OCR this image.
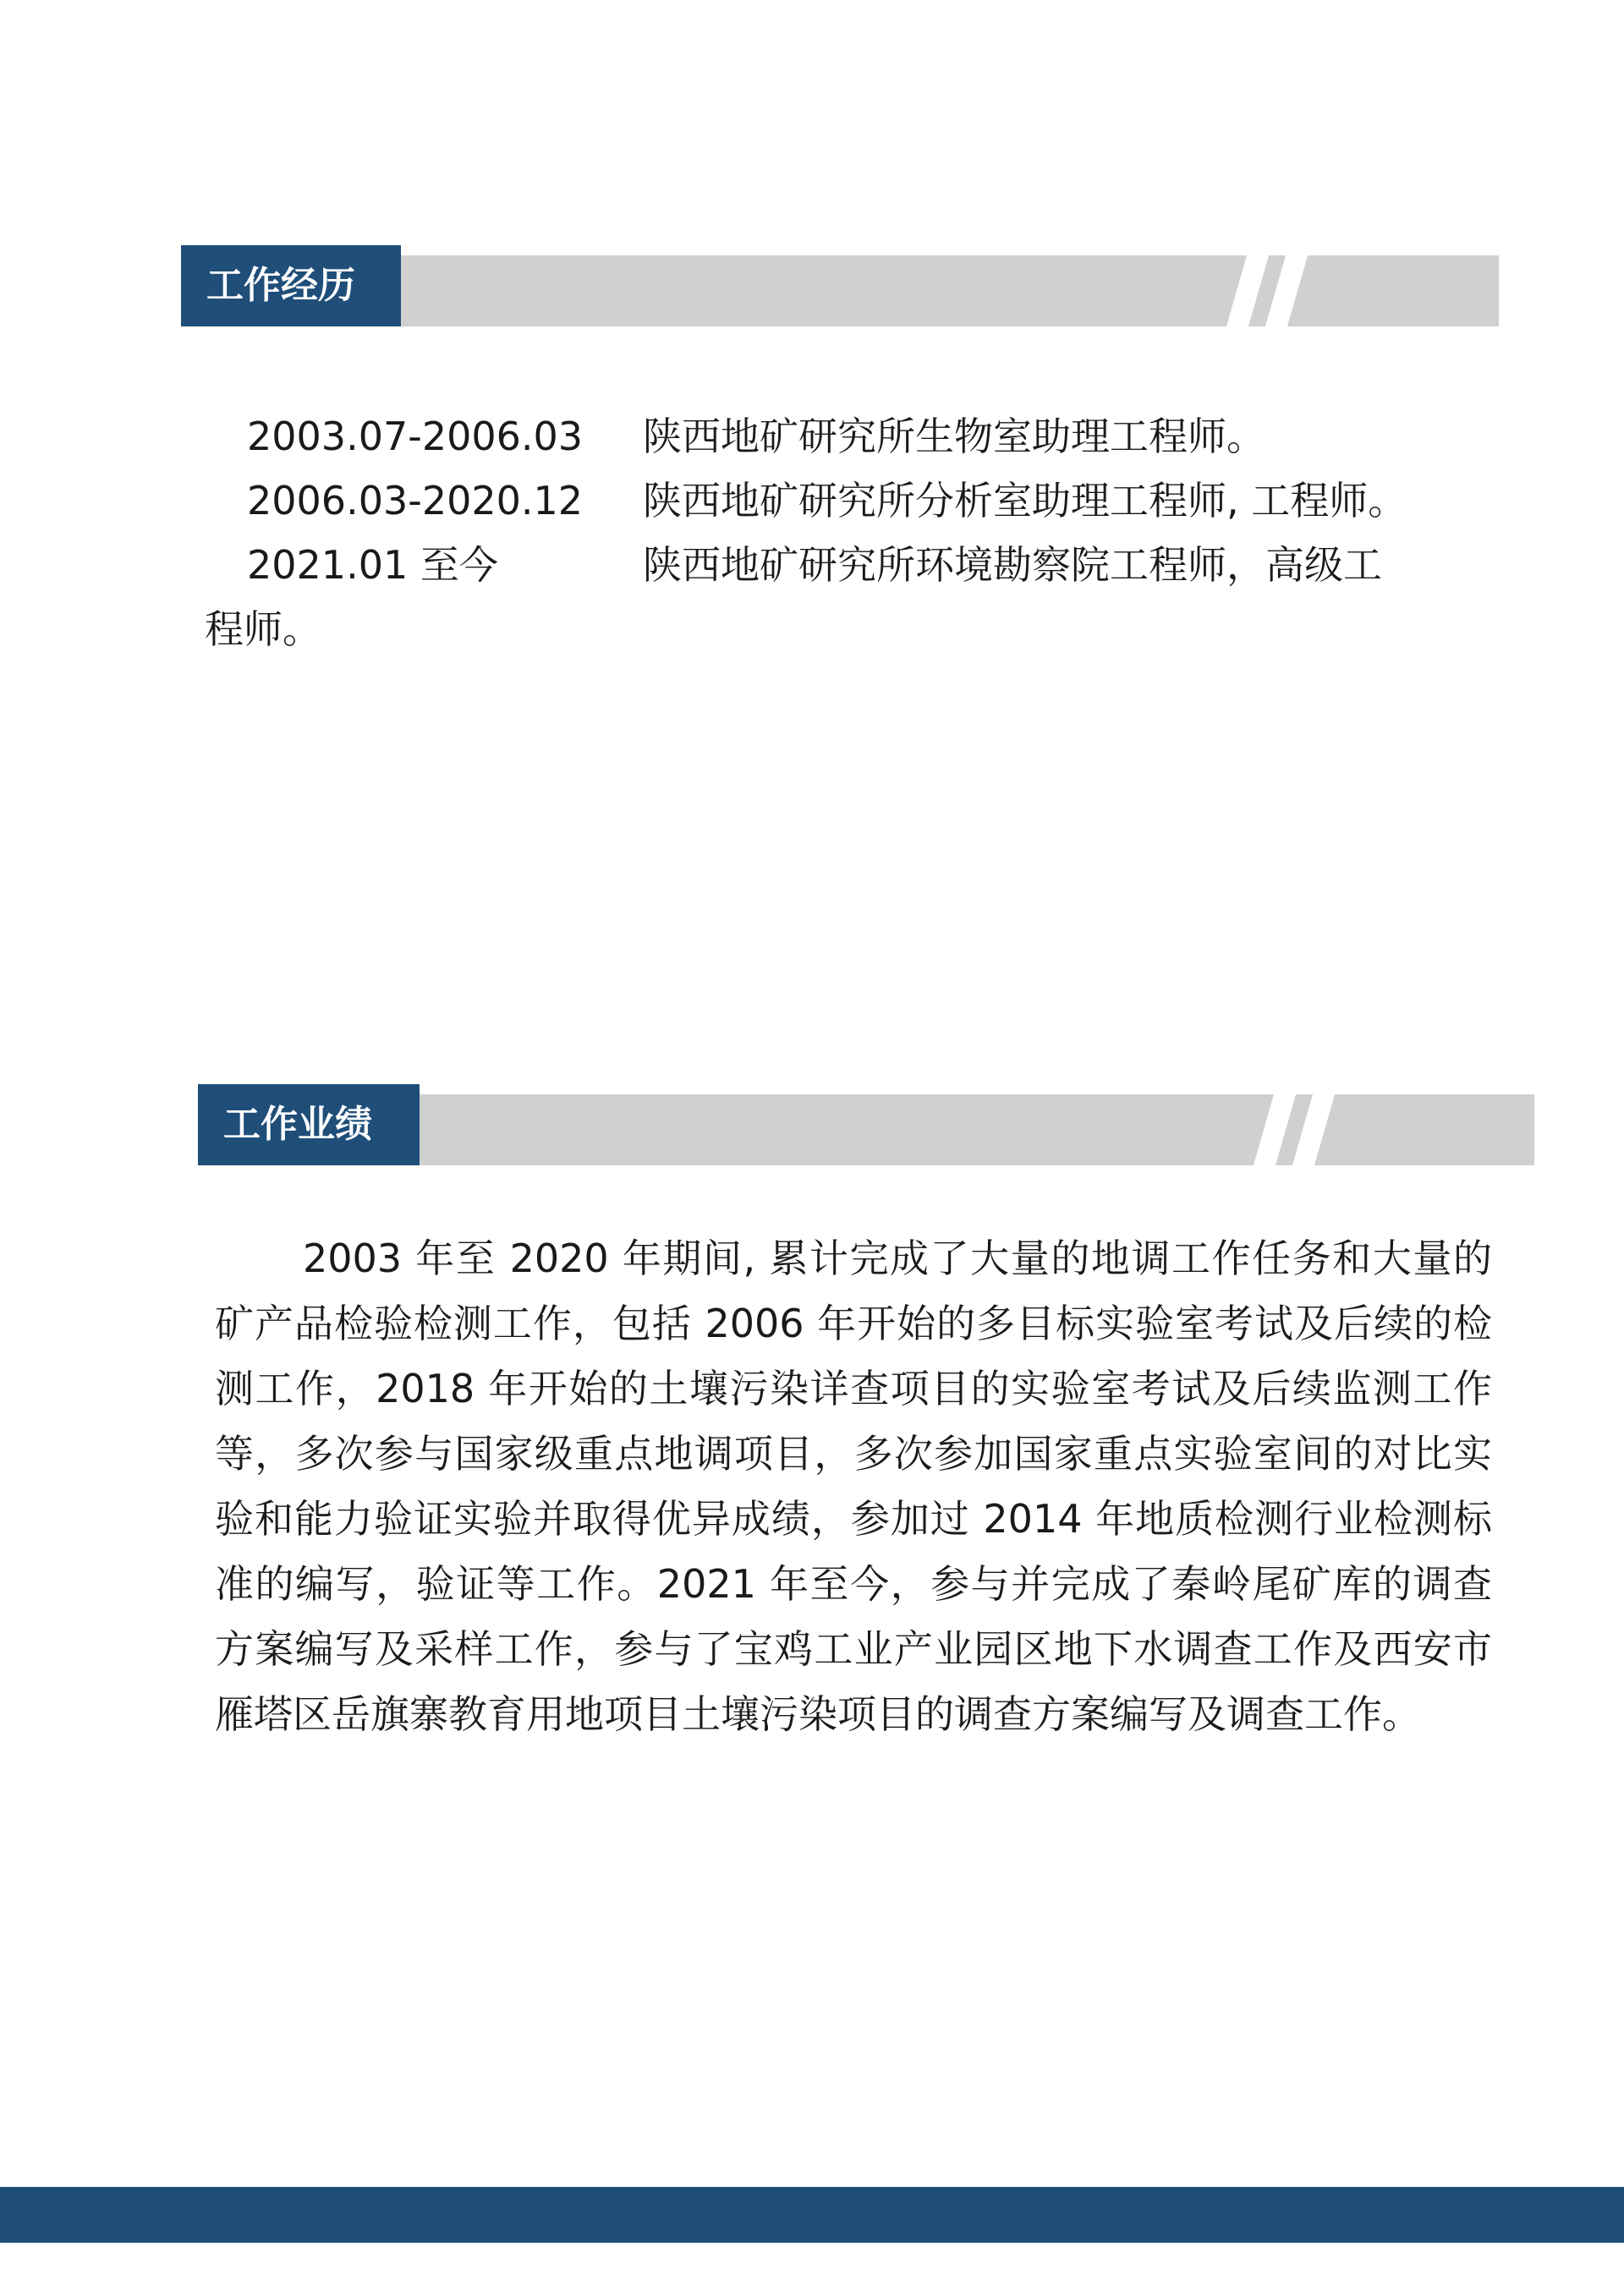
工作经历
2003.07-2006.03 陕西地矿研究所生物室助理工程师。
2006.03-2020.12 陕西地矿研究所分析室助理工程师, 工程师。
2021.01 至今	陕西地矿研究所环境勘察院工程师，高级工
程师。
工作业绩

2003 年至 2020 年期间, 累计完成了大量的地调工作任务和大量的矿产品检验检测工作，包括 2006 年开始的多目标实验室考试及后续的检测工作，2018 年开始的土壤污染详查项目的实验室考试及后续监测工作等，多次参与国家级重点地调项目，多次参加国家重点实验室间的对比实验和能力验证实验并取得优异成绩，参加过 2014 年地质检测行业检测标准的编写，验证等工作。2021 年至今，参与并完成了秦岭尾矿库的调查方案编写及采样工作，参与了宝鸡工业产业园区地下水调查工作及西安市雁塔区岳旗寨教育用地项目土壤污染项目的调查方案编写及调查工作。
